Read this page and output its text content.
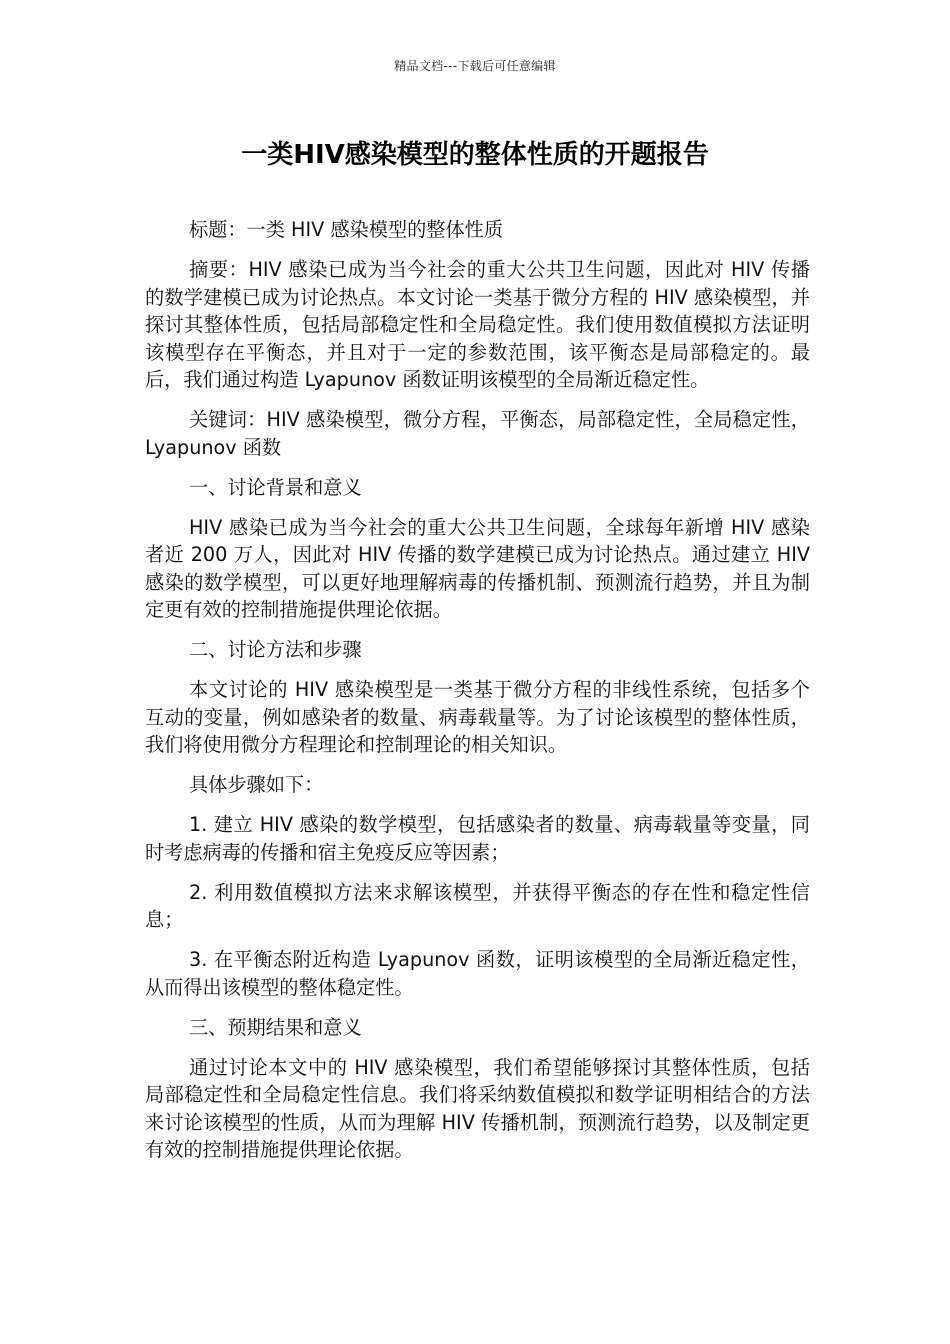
精品文档---下载后可任意编辑
一类HIV感染模型的整体性质的开题报告

标题：一类 HIV 感染模型的整体性质

摘要：HIV 感染已成为当今社会的重大公共卫生问题，因此对 HIV 传播的数学建模已成为讨论热点。本文讨论一类基于微分方程的 HIV 感染模型，并探讨其整体性质，包括局部稳定性和全局稳定性。我们使用数值模拟方法证明该模型存在平衡态，并且对于一定的参数范围，该平衡态是局部稳定的。最后，我们通过构造 Lyapunov 函数证明该模型的全局渐近稳定性。

关键词：HIV 感染模型，微分方程，平衡态，局部稳定性，全局稳定性，Lyapunov 函数

一、讨论背景和意义

HIV 感染已成为当今社会的重大公共卫生问题，全球每年新增 HIV 感染者近 200 万人，因此对 HIV 传播的数学建模已成为讨论热点。通过建立 HIV 感染的数学模型，可以更好地理解病毒的传播机制、预测流行趋势，并且为制定更有效的控制措施提供理论依据。

二、讨论方法和步骤

本文讨论的 HIV 感染模型是一类基于微分方程的非线性系统，包括多个互动的变量，例如感染者的数量、病毒载量等。为了讨论该模型的整体性质，我们将使用微分方程理论和控制理论的相关知识。

具体步骤如下：

1. 建立 HIV 感染的数学模型，包括感染者的数量、病毒载量等变量，同时考虑病毒的传播和宿主免疫反应等因素；

2. 利用数值模拟方法来求解该模型，并获得平衡态的存在性和稳定性信息；

3. 在平衡态附近构造 Lyapunov 函数，证明该模型的全局渐近稳定性，从而得出该模型的整体稳定性。

三、预期结果和意义

通过讨论本文中的 HIV 感染模型，我们希望能够探讨其整体性质，包括局部稳定性和全局稳定性信息。我们将采纳数值模拟和数学证明相结合的方法来讨论该模型的性质，从而为理解 HIV 传播机制，预测流行趋势，以及制定更有效的控制措施提供理论依据。
